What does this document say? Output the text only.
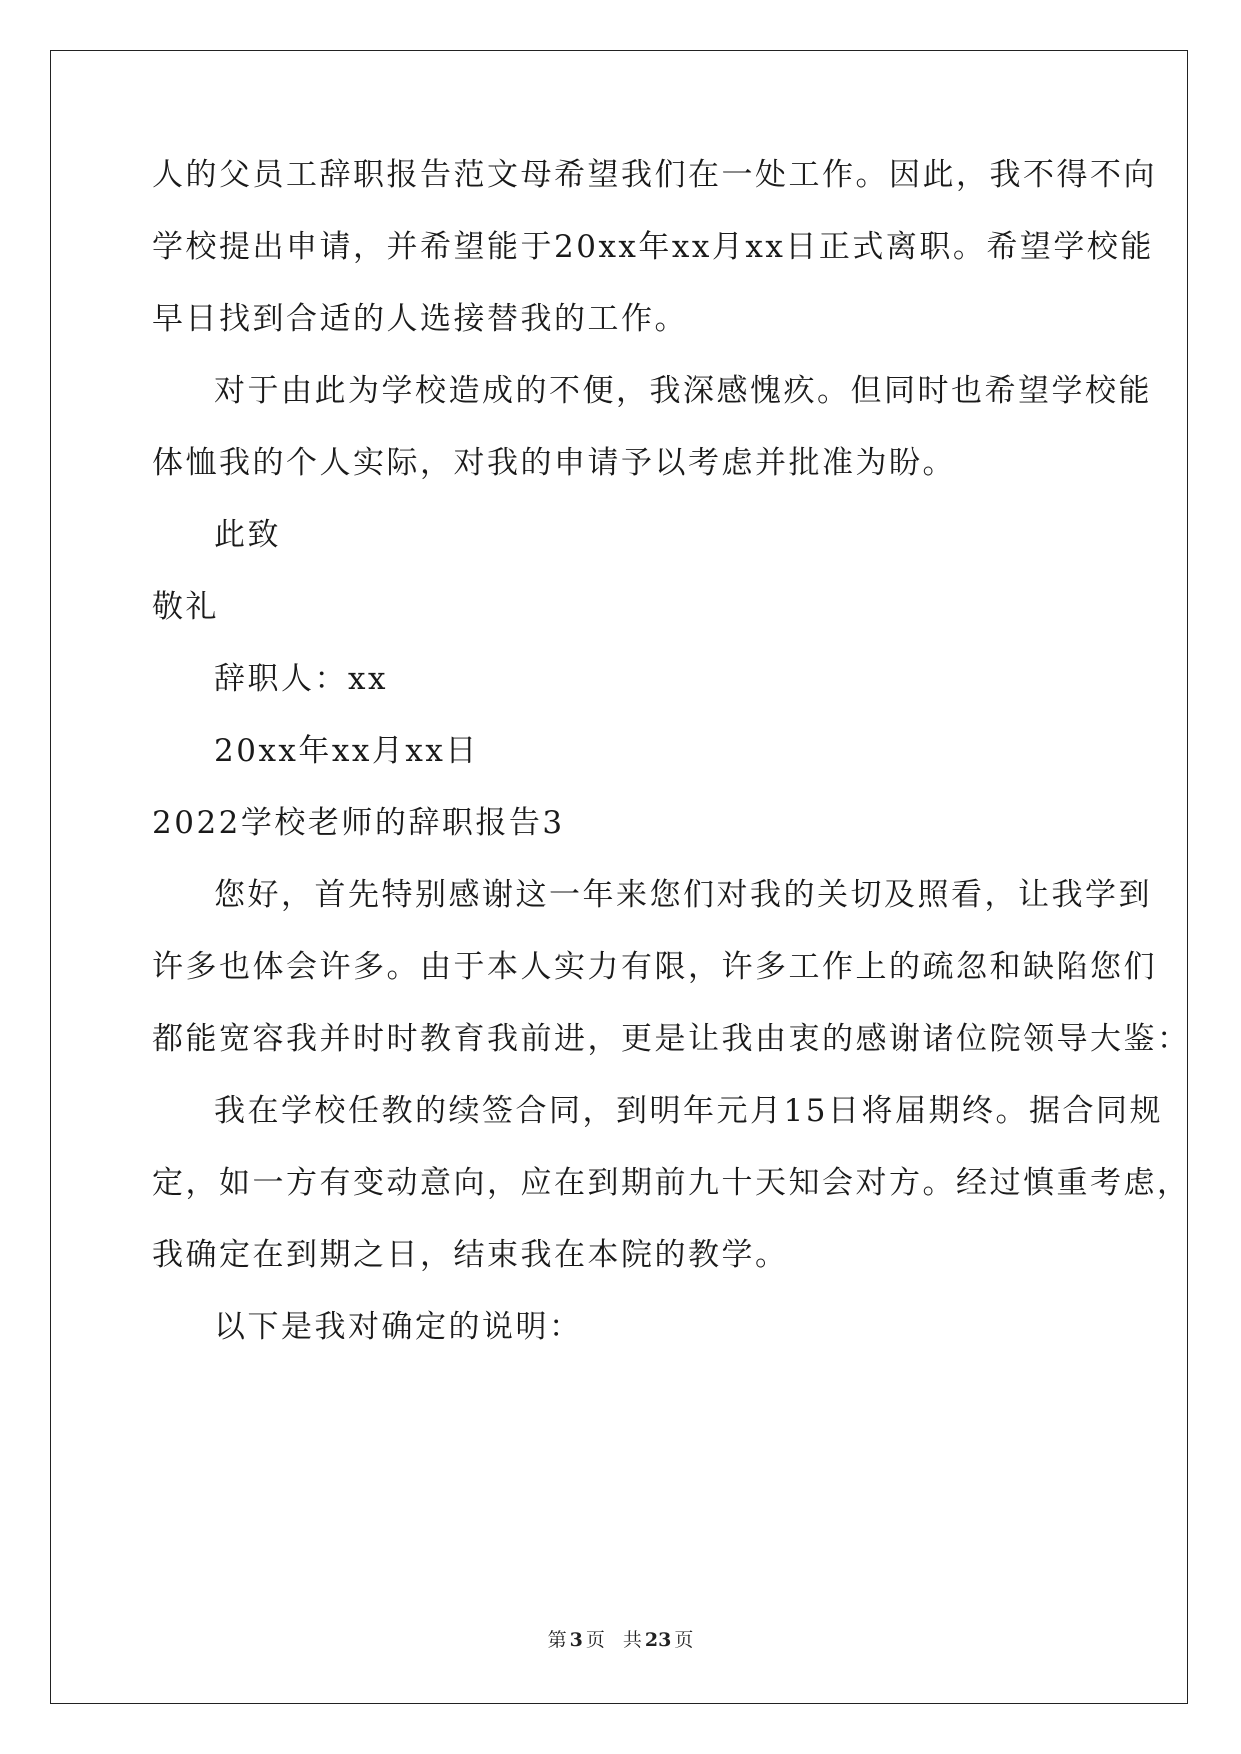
人的父员工辞职报告范文母希望我们在一处工作。因此，我不得不向
学校提出申请，并希望能于20xx年xx月xx日正式离职。希望学校能
早日找到合适的人选接替我的工作。
对于由此为学校造成的不便，我深感愧疚。但同时也希望学校能
体恤我的个人实际，对我的申请予以考虑并批准为盼。
此致
敬礼
辞职人：xx
20xx年xx月xx日
2022学校老师的辞职报告3
您好，首先特别感谢这一年来您们对我的关切及照看，让我学到
许多也体会许多。由于本人实力有限，许多工作上的疏忽和缺陷您们
都能宽容我并时时教育我前进，更是让我由衷的感谢诸位院领导大鉴：
我在学校任教的续签合同，到明年元月15日将届期终。据合同规
定，如一方有变动意向，应在到期前九十天知会对方。经过慎重考虑，
我确定在到期之日，结束我在本院的教学。
以下是我对确定的说明：
第 3 页 共 23 页
